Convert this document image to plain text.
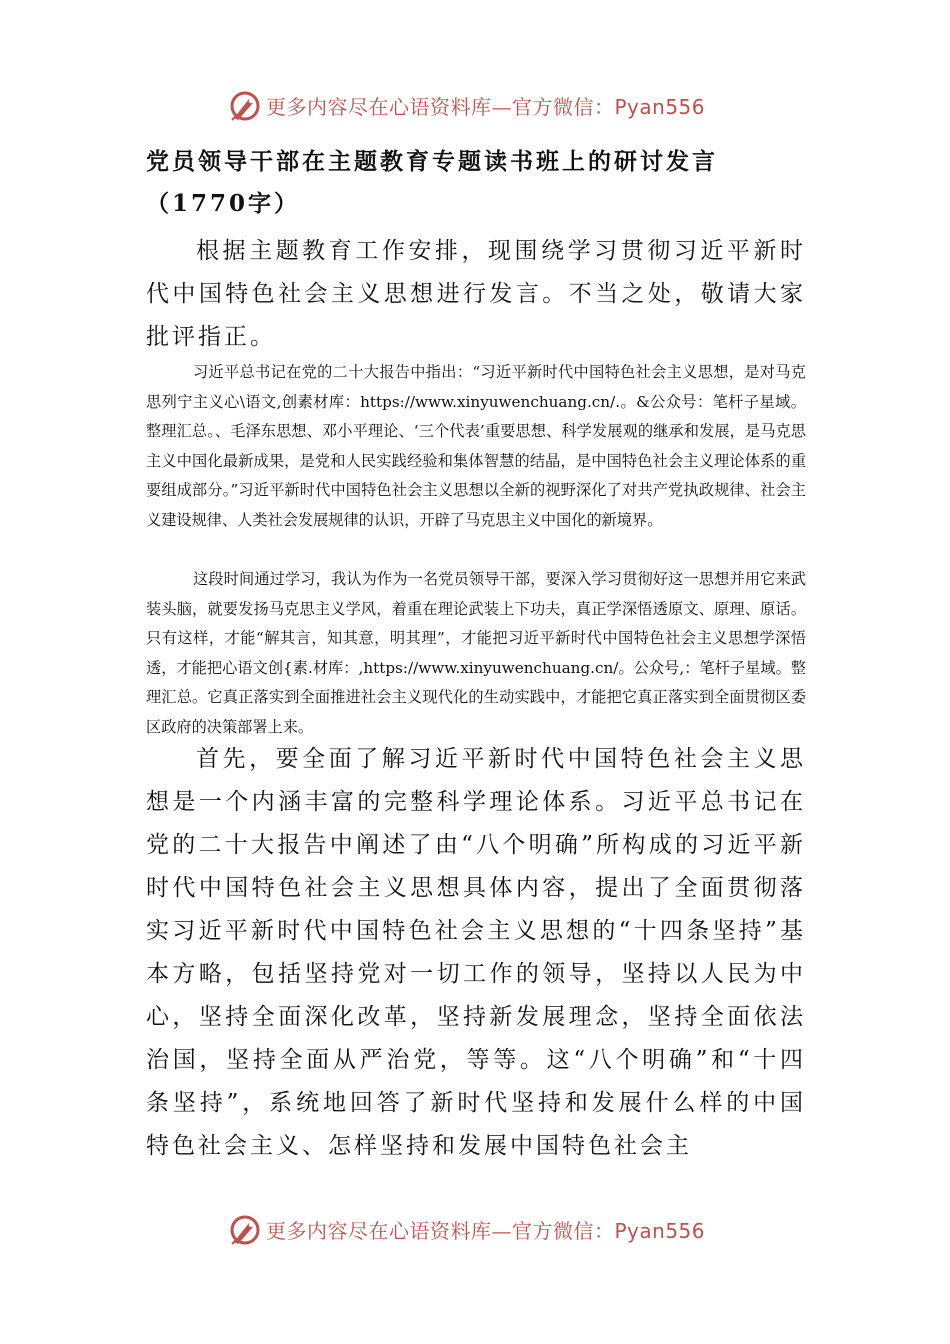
更多内容尽在心语资料库—官方微信：Pyan556
党员领导干部在主题教育专题读书班上的研讨发言（1770字）

根据主题教育工作安排，现围绕学习贯彻习近平新时代中国特色社会主义思想进行发言。不当之处，敬请大家批评指正。

习近平总书记在党的二十大报告中指出：“习近平新时代中国特色社会主义思想，是对马克思列宁主义心\语文,创素材库：https://www.xinyuwenchuang.cn/.。&公众号：笔杆子星域。整理汇总。、毛泽东思想、邓小平理论、‘三个代表’重要思想、科学发展观的继承和发展，是马克思主义中国化最新成果，是党和人民实践经验和集体智慧的结晶，是中国特色社会主义理论体系的重要组成部分。”习近平新时代中国特色社会主义思想以全新的视野深化了对共产党执政规律、社会主义建设规律、人类社会发展规律的认识，开辟了马克思主义中国化的新境界。

这段时间通过学习，我认为作为一名党员领导干部，要深入学习贯彻好这一思想并用它来武装头脑，就要发扬马克思主义学风，着重在理论武装上下功夫，真正学深悟透原文、原理、原话。只有这样，才能“解其言，知其意，明其理”，才能把习近平新时代中国特色社会主义思想学深悟透，才能把心语文创{素.材库：,https://www.xinyuwenchuang.cn/。公众号,：笔杆子星域。整理汇总。它真正落实到全面推进社会主义现代化的生动实践中，才能把它真正落实到全面贯彻区委区政府的决策部署上来。

首先，要全面了解习近平新时代中国特色社会主义思想是一个内涵丰富的完整科学理论体系。习近平总书记在党的二十大报告中阐述了由“八个明确”所构成的习近平新时代中国特色社会主义思想具体内容，提出了全面贯彻落实习近平新时代中国特色社会主义思想的“十四条坚持”基本方略，包括坚持党对一切工作的领导，坚持以人民为中心，坚持全面深化改革，坚持新发展理念，坚持全面依法治国，坚持全面从严治党，等等。这“八个明确”和“十四条坚持”，系统地回答了新时代坚持和发展什么样的中国特色社会主义、怎样坚持和发展中国特色社会主

更多内容尽在心语资料库—官方微信：Pyan556
